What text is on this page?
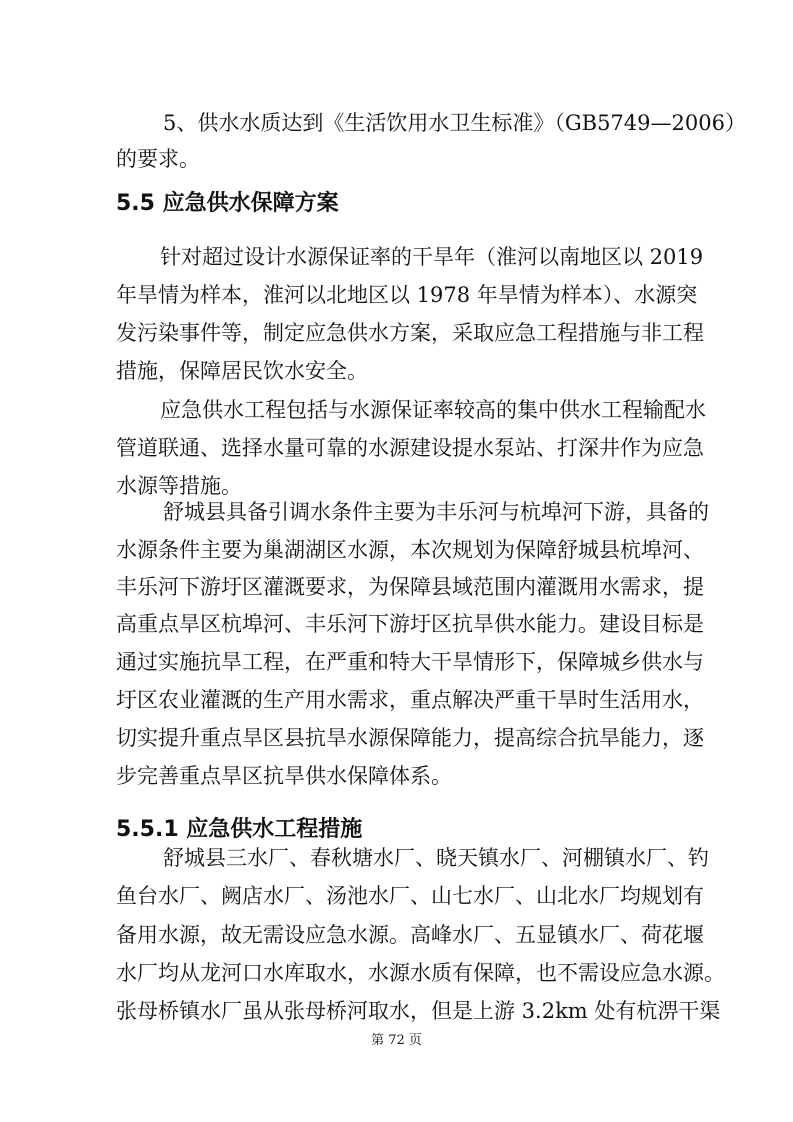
5、供水水质达到《生活饮用水卫生标准》（GB5749—2006）
的要求。
5.5 应急供水保障方案
针对超过设计水源保证率的干旱年（淮河以南地区以 2019
年旱情为样本，淮河以北地区以 1978 年旱情为样本）、水源突
发污染事件等，制定应急供水方案，采取应急工程措施与非工程
措施，保障居民饮水安全。
应急供水工程包括与水源保证率较高的集中供水工程输配水
管道联通、选择水量可靠的水源建设提水泵站、打深井作为应急
水源等措施。
舒城县具备引调水条件主要为丰乐河与杭埠河下游，具备的
水源条件主要为巢湖湖区水源，本次规划为保障舒城县杭埠河、
丰乐河下游圩区灌溉要求，为保障县域范围内灌溉用水需求，提
高重点旱区杭埠河、丰乐河下游圩区抗旱供水能力。建设目标是
通过实施抗旱工程，在严重和特大干旱情形下，保障城乡供水与
圩区农业灌溉的生产用水需求，重点解决严重干旱时生活用水，
切实提升重点旱区县抗旱水源保障能力，提高综合抗旱能力，逐
步完善重点旱区抗旱供水保障体系。
5.5.1 应急供水工程措施
舒城县三水厂、春秋塘水厂、晓天镇水厂、河棚镇水厂、钓
鱼台水厂、阙店水厂、汤池水厂、山七水厂、山北水厂均规划有
备用水源，故无需设应急水源。高峰水厂、五显镇水厂、荷花堰
水厂均从龙河口水库取水，水源水质有保障，也不需设应急水源。
张母桥镇水厂虽从张母桥河取水，但是上游 3.2km 处有杭淠干渠
第 72 页
